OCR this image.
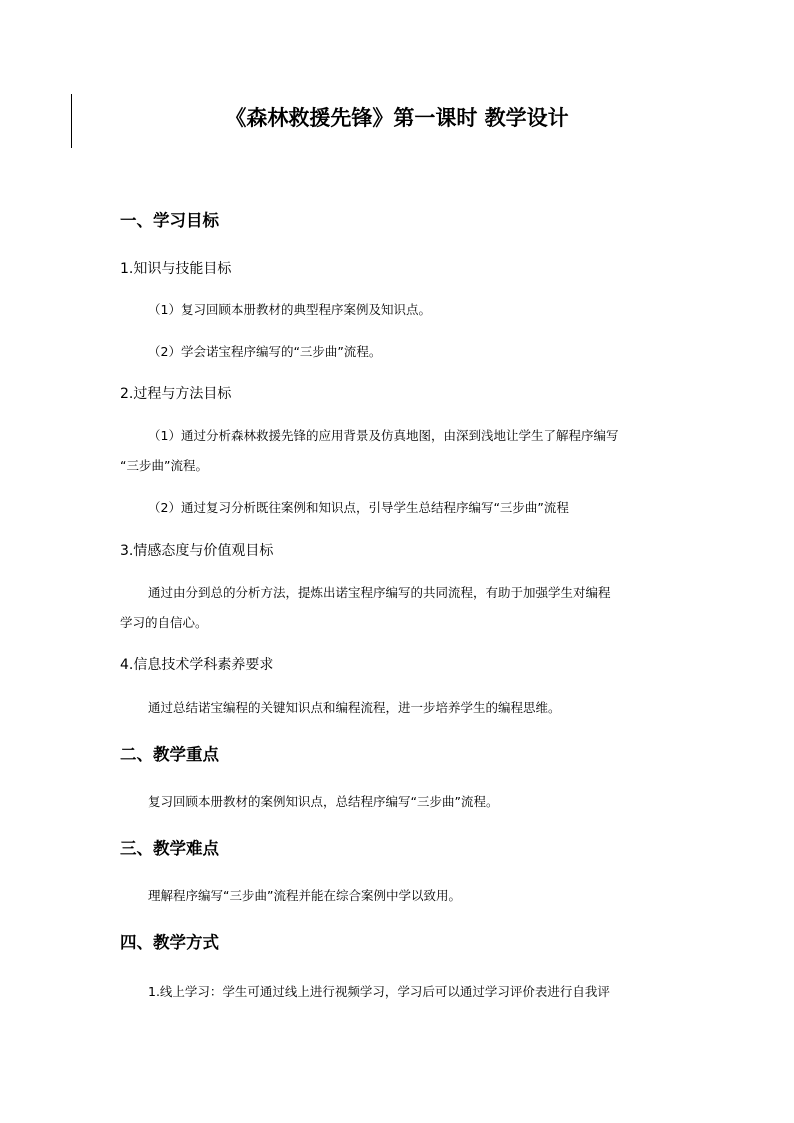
《森林救援先锋》第一课时 教学设计
一、学习目标
1.知识与技能目标
（1）复习回顾本册教材的典型程序案例及知识点。
（2）学会诺宝程序编写的“三步曲”流程。
2.过程与方法目标
（1）通过分析森林救援先锋的应用背景及仿真地图，由深到浅地让学生了解程序编写
“三步曲”流程。
（2）通过复习分析既往案例和知识点，引导学生总结程序编写“三步曲”流程
3.情感态度与价值观目标
通过由分到总的分析方法，提炼出诺宝程序编写的共同流程，有助于加强学生对编程
学习的自信心。
4.信息技术学科素养要求
通过总结诺宝编程的关键知识点和编程流程，进一步培养学生的编程思维。
二、教学重点
复习回顾本册教材的案例知识点，总结程序编写“三步曲”流程。
三、教学难点
理解程序编写“三步曲”流程并能在综合案例中学以致用。
四、教学方式
1.线上学习：学生可通过线上进行视频学习，学习后可以通过学习评价表进行自我评
